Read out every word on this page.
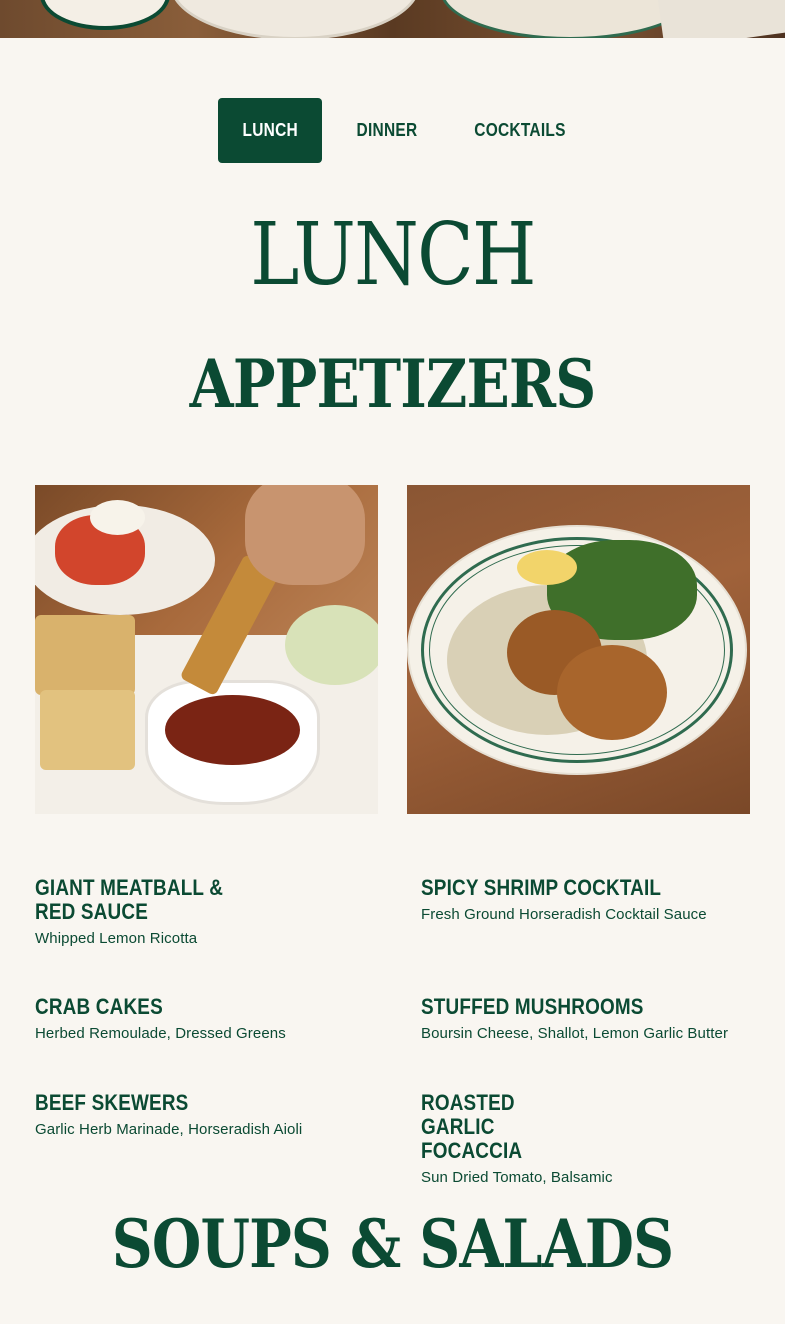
LUNCH	DINNER	COCKTAILS
LUNCH
APPETIZERS
GIANT MEATBALL & RED SAUCE
Whipped Lemon Ricotta
SPICY SHRIMP COCKTAIL
Fresh Ground Horseradish Cocktail Sauce
CRAB CAKES
Herbed Remoulade, Dressed Greens
STUFFED MUSHROOMS
Boursin Cheese, Shallot, Lemon Garlic Butter
BEEF SKEWERS
Garlic Herb Marinade, Horseradish Aioli
ROASTED GARLIC FOCACCIA
Sun Dried Tomato, Balsamic
SOUPS & SALADS
